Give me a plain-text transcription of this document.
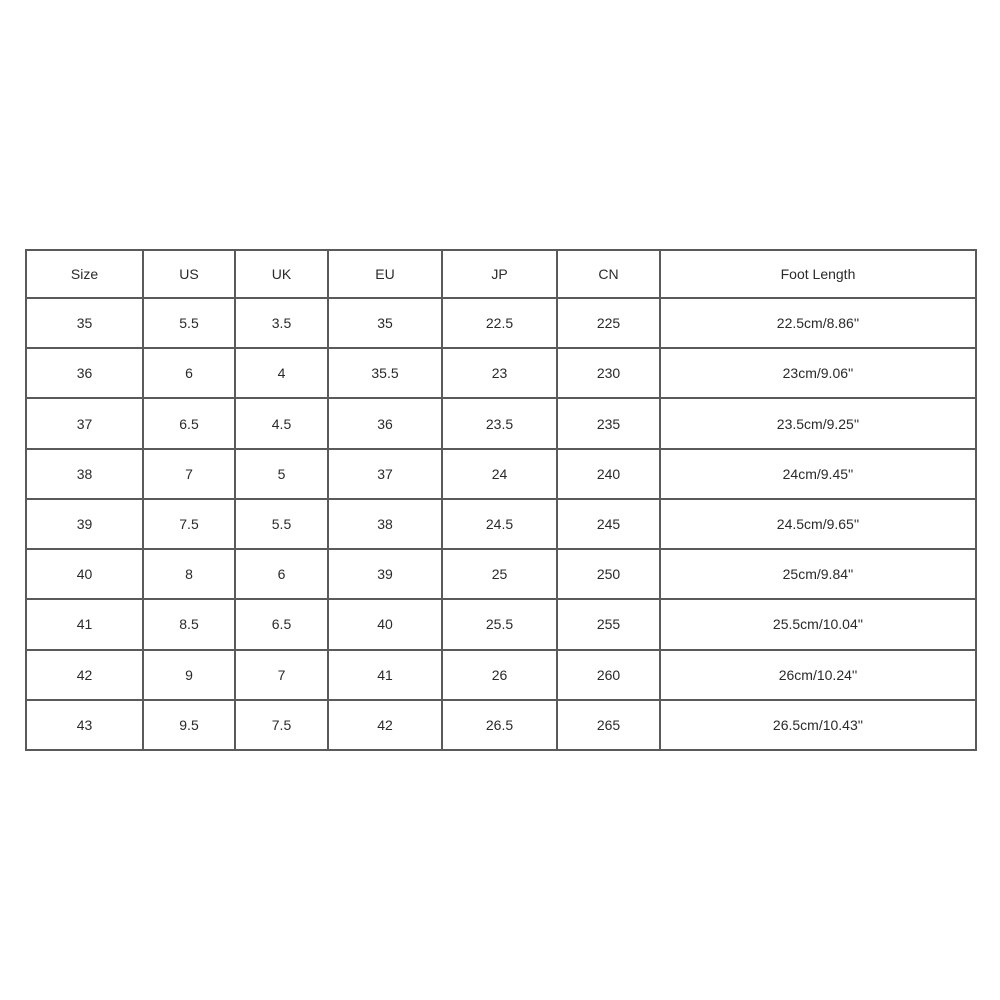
Size	US	UK	EU	JP	CN	Foot Length
35	5.5	3.5	35	22.5	225	22.5cm/8.86''
36	6	4	35.5	23	230	23cm/9.06''
37	6.5	4.5	36	23.5	235	23.5cm/9.25''
38	7	5	37	24	240	24cm/9.45''
39	7.5	5.5	38	24.5	245	24.5cm/9.65''
40	8	6	39	25	250	25cm/9.84''
41	8.5	6.5	40	25.5	255	25.5cm/10.04''
42	9	7	41	26	260	26cm/10.24''
43	9.5	7.5	42	26.5	265	26.5cm/10.43''
